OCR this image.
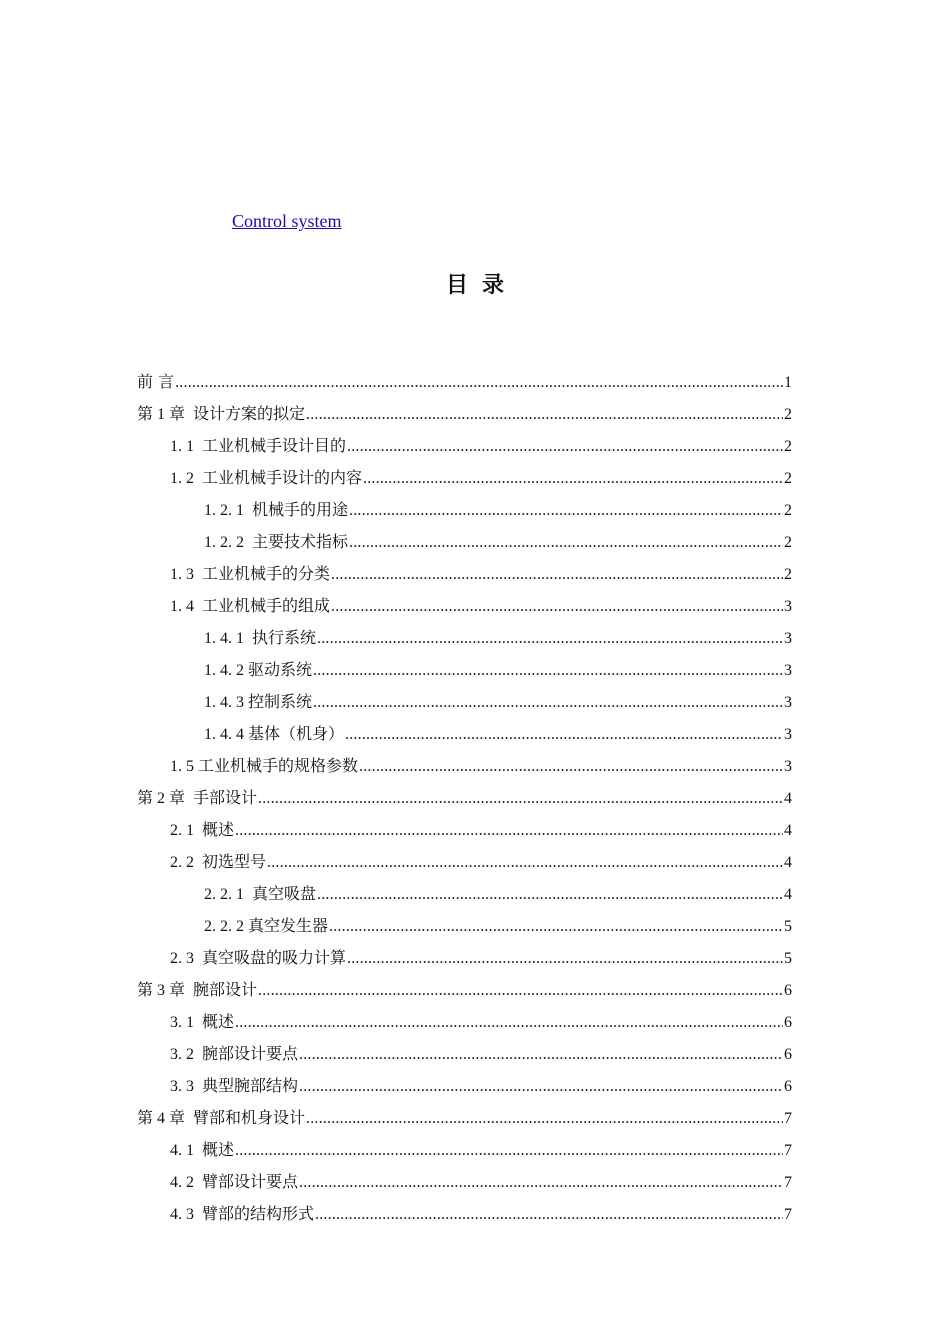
Control system
目录
前 言 .....	1
第 1 章 设计方案的拟定 .....	2
1. 1 工业机械手设计目的 .....	2
1. 2 工业机械手设计的内容 .....	2
1. 2. 1 机械手的用途 .....	2
1. 2. 2 主要技术指标 .....	2
1. 3 工业机械手的分类 .....	2
1. 4 工业机械手的组成 .....	3
1. 4. 1 执行系统 .....	3
1. 4. 2 驱动系统 .....	3
1. 4. 3 控制系统 .....	3
1. 4. 4 基体（机身） .....	3
1. 5 工业机械手的规格参数 .....	3
第 2 章 手部设计 .....	4
2. 1 概述 .....	4
2. 2 初选型号 .....	4
2. 2. 1 真空吸盘 .....	4
2. 2. 2 真空发生器 .....	5
2. 3 真空吸盘的吸力计算 .....	5
第 3 章 腕部设计 .....	6
3. 1 概述 .....	6
3. 2 腕部设计要点 .....	6
3. 3 典型腕部结构 .....	6
第 4 章 臂部和机身设计 .....	7
4. 1 概述 .....	7
4. 2 臂部设计要点 .....	7
4. 3 臂部的结构形式 .....	7
